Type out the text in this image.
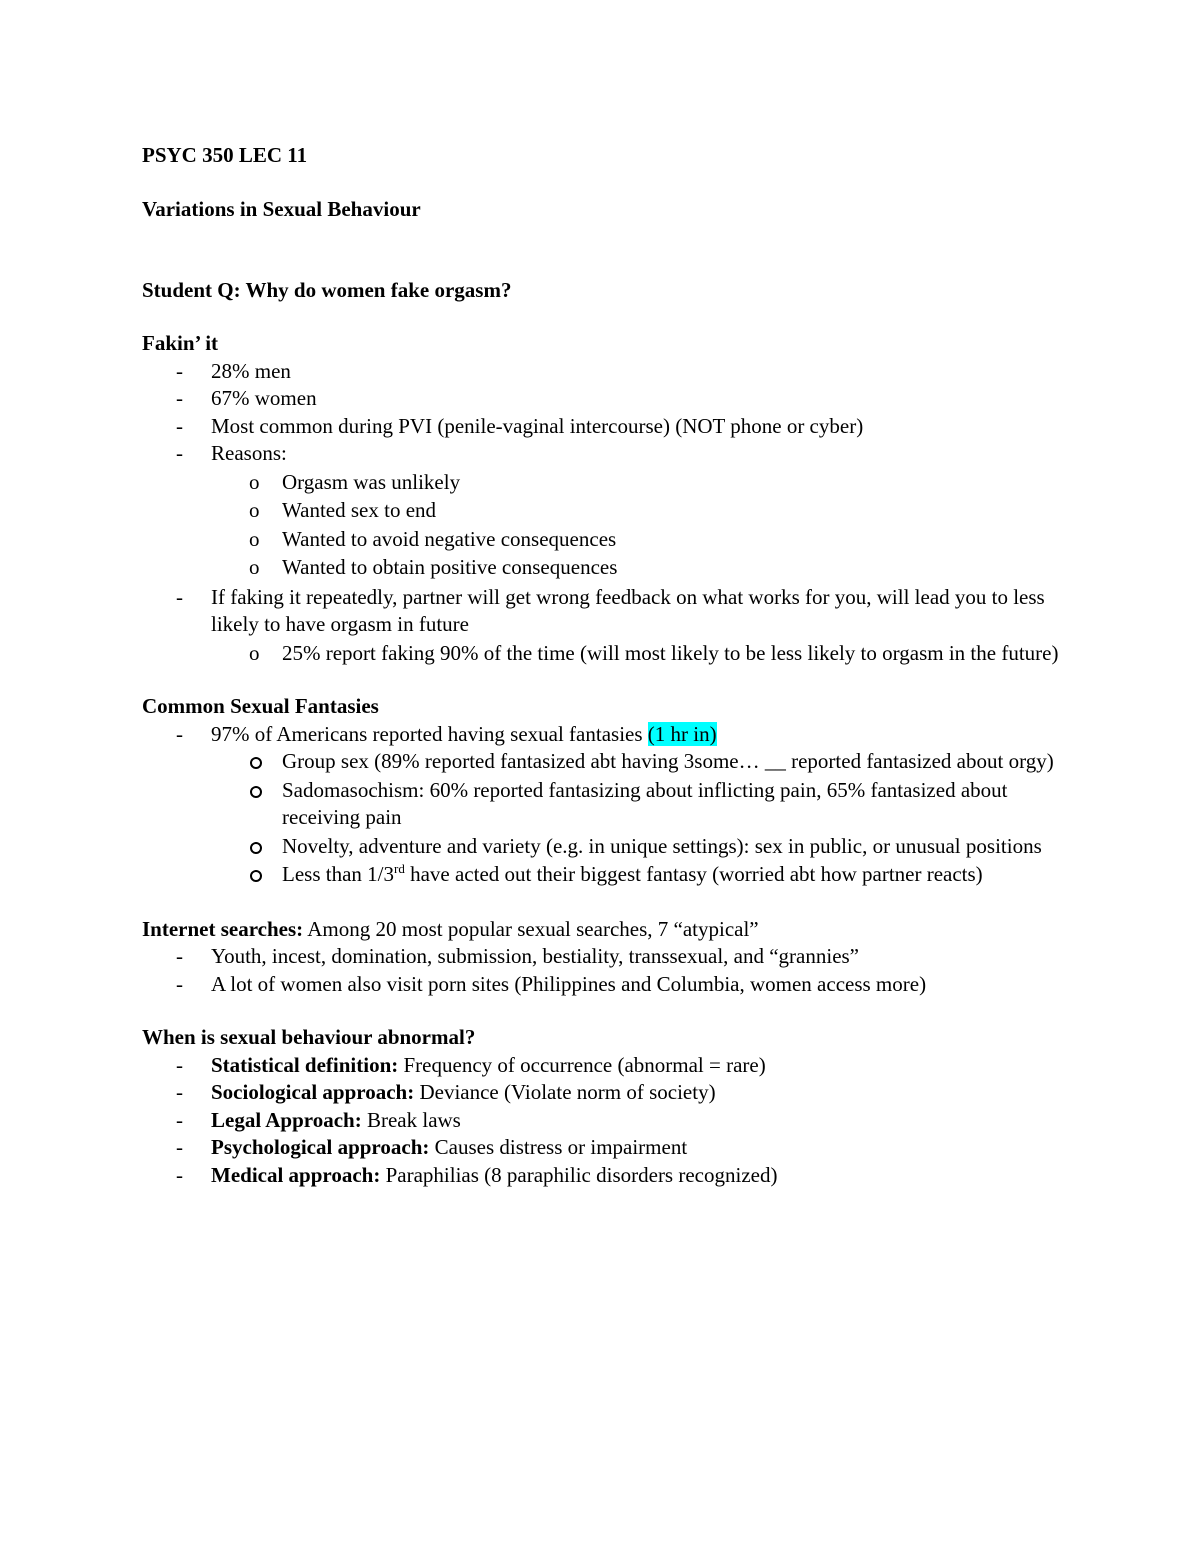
PSYC 350 LEC 11
Variations in Sexual Behaviour
Student Q: Why do women fake orgasm?
Fakin’ it
- 28% men

- 67% women

- Most common during PVI (penile-vaginal intercourse) (NOT phone or cyber)

- Reasons:

o Orgasm was unlikely

o Wanted sex to end

o Wanted to avoid negative consequences

o Wanted to obtain positive consequences

- If faking it repeatedly, partner will get wrong feedback on what works for you, will lead you to less likely to have orgasm in future

o 25% report faking 90% of the time (will most likely to be less likely to orgasm in the future)

Common Sexual Fantasies
- 97% of Americans reported having sexual fantasies (1 hr in)

Group sex (89% reported fantasized abt having 3some… __ reported fantasized about orgy)

Sadomasochism: 60% reported fantasizing about inflicting pain, 65% fantasized about receiving pain

Novelty, adventure and variety (e.g. in unique settings): sex in public, or unusual positions

Less than 1/3rd have acted out their biggest fantasy (worried abt how partner reacts)

Internet searches: Among 20 most popular sexual searches, 7 “atypical”
- Youth, incest, domination, submission, bestiality, transsexual, and “grannies”

- A lot of women also visit porn sites (Philippines and Columbia, women access more)

When is sexual behaviour abnormal?
- Statistical definition: Frequency of occurrence (abnormal = rare)

- Sociological approach: Deviance (Violate norm of society)

- Legal Approach: Break laws

- Psychological approach: Causes distress or impairment

- Medical approach: Paraphilias (8 paraphilic disorders recognized)
